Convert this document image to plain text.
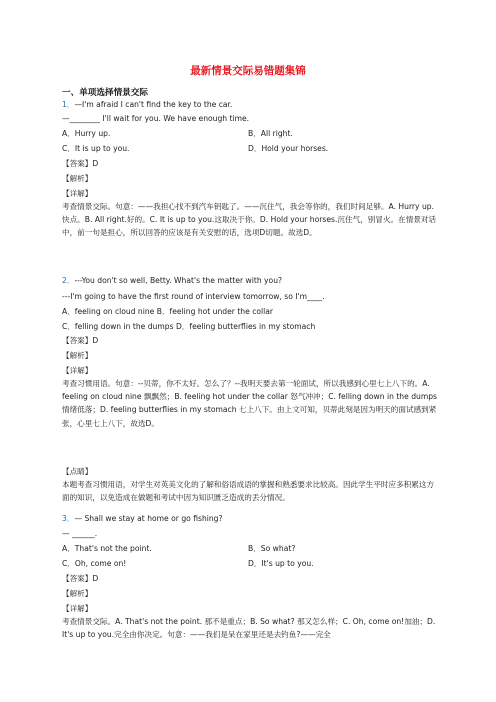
最新情景交际易错题集锦
一、单项选择情景交际
1．—I'm afraid I can't find the key to the car.
—________ I'll wait for you. We have enough time.
A．Hurry up.	B．All right.
C．It is up to you.	D．Hold your horses.
【答案】D
【解析】
【详解】
考查情景交际。句意：——我担心找不到汽车钥匙了。——沉住气，我会等你的，我们时间足够。A. Hurry up.快点。B. All right.好的。C. It is up to you.这取决于你。D. Hold your horses.沉住气，别冒火。在情景对话中，前一句是担心，所以回答的应该是有关安慰的话，选项D切题。故选D。
2．---You don't so well, Betty. What's the matter with you?
---I'm going to have the first round of interview tomorrow, so I'm____.
A．feeling on cloud nine B．feeling hot under the collar
C．felling down in the dumps D．feeling butterflies in my stomach
【答案】D
【解析】
【详解】
考查习惯用语。句意：--贝蒂，你不太好。怎么了？--我明天要去第一轮面试，所以我感到心里七上八下的。A. feeling on cloud nine 飘飘然；B. feeling hot under the collar 怒气冲冲；C. felling down in the dumps 情绪低落；D. feeling butterflies in my stomach 七上八下。由上文可知，贝蒂此刻是因为明天的面试感到紧张，心里七上八下，故选D。
【点睛】
本题考查习惯用语，对学生对英美文化的了解和俗语成语的掌握和熟悉要求比较高。因此学生平时应多积累这方面的知识，以免造成在做题和考试中因为知识匮乏造成的丢分情况。
3．— Shall we stay at home or go fishing?
— ______.
A．That's not the point.	B．So what?
C．Oh, come on!	D．It's up to you.
【答案】D
【解析】
【详解】
考查情景交际。A. That's not the point. 那不是重点；B. So what? 那又怎么样；C. Oh, come on!加油；D. It's up to you.完全由你决定。句意：——我们是呆在家里还是去钓鱼?——完全
